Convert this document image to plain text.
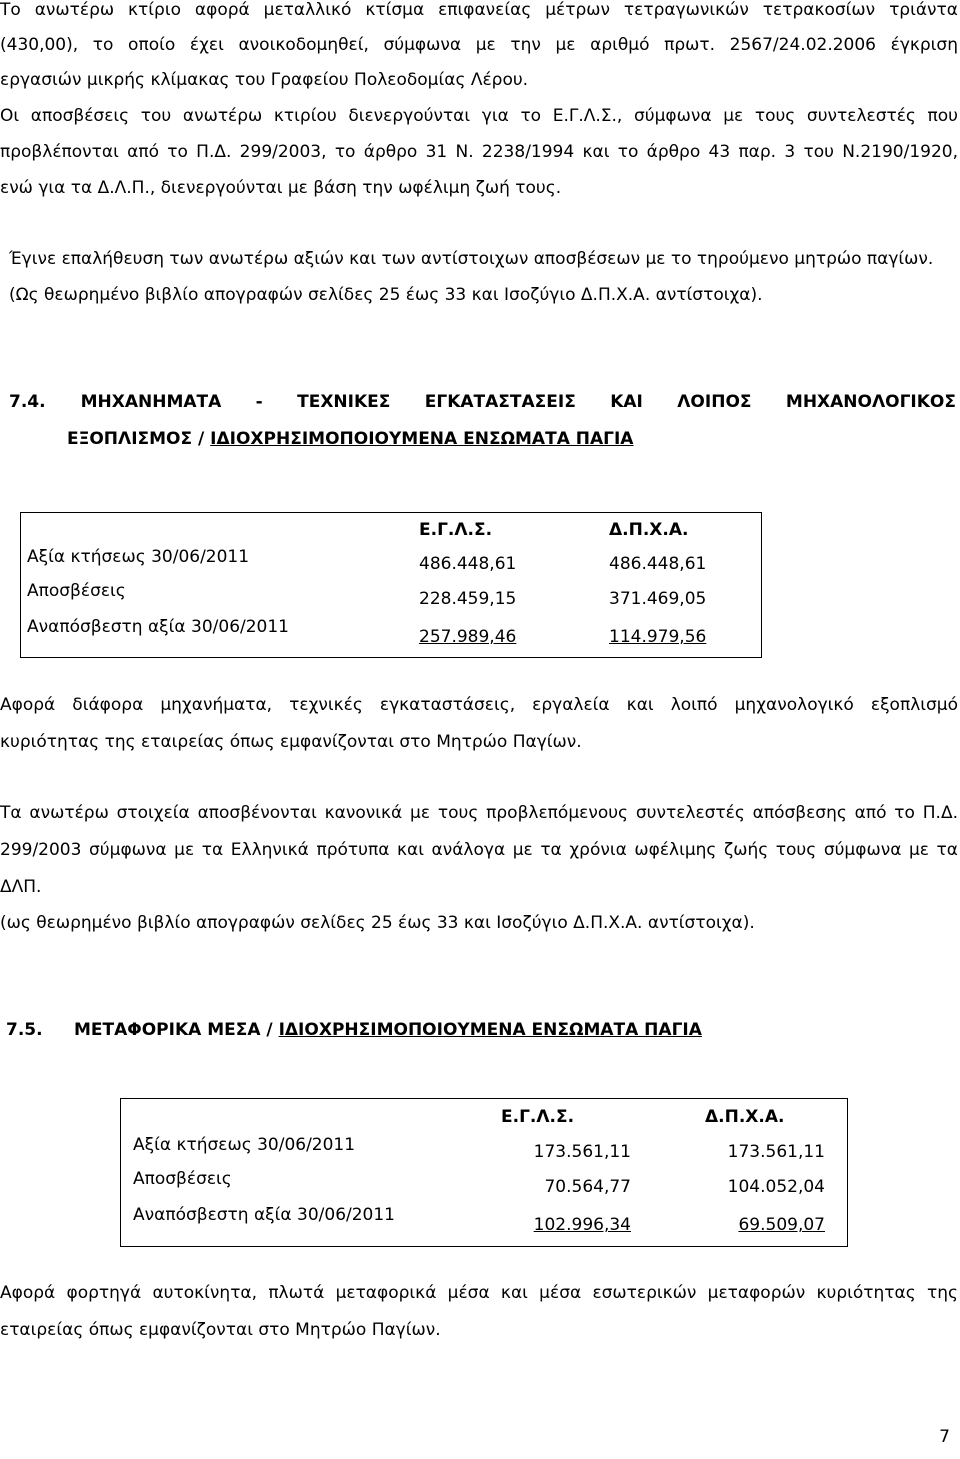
Το ανωτέρω κτίριο αφορά μεταλλικό κτίσμα επιφανείας μέτρων τετραγωνικών τετρακοσίων τριάντα
(430,00), το οποίο έχει ανοικοδομηθεί, σύμφωνα με την με αριθμό πρωτ. 2567/24.02.2006 έγκριση
εργασιών μικρής κλίμακας του Γραφείου Πολεοδομίας Λέρου.
Οι αποσβέσεις του ανωτέρω κτιρίου διενεργούνται για το Ε.Γ.Λ.Σ., σύμφωνα με τους συντελεστές που
προβλέπονται από το Π.Δ. 299/2003, το άρθρο 31 Ν. 2238/1994 και το άρθρο 43 παρ. 3 του Ν.2190/1920,
ενώ για τα Δ.Λ.Π., διενεργούνται με βάση την ωφέλιμη ζωή τους.
Έγινε επαλήθευση των ανωτέρω αξιών και των αντίστοιχων αποσβέσεων με το τηρούμενο μητρώο παγίων.
(Ως θεωρημένο βιβλίο απογραφών σελίδες 25 έως 33 και Ισοζύγιο Δ.Π.Χ.Α. αντίστοιχα).
7.4. ΜΗΧΑΝΗΜΑΤΑ - ΤΕΧΝΙΚΕΣ ΕΓΚΑΤΑΣΤΑΣΕΙΣ ΚΑΙ ΛΟΙΠΟΣ ΜΗΧΑΝΟΛΟΓΙΚΟΣ
ΕΞΟΠΛΙΣΜΟΣ / ΙΔΙΟΧΡΗΣΙΜΟΠΟΙΟΥΜΕΝΑ ΕΝΣΩΜΑΤΑ ΠΑΓΙΑ
	Ε.Γ.Λ.Σ.	Δ.Π.Χ.Α.
Αξία κτήσεως 30/06/2011	486.448,61	486.448,61
Αποσβέσεις	228.459,15	371.469,05
Αναπόσβεστη αξία 30/06/2011	257.989,46	114.979,56
Αφορά διάφορα μηχανήματα, τεχνικές εγκαταστάσεις, εργαλεία και λοιπό μηχανολογικό εξοπλισμό
κυριότητας της εταιρείας όπως εμφανίζονται στο Μητρώο Παγίων.
Τα ανωτέρω στοιχεία αποσβένονται κανονικά με τους προβλεπόμενους συντελεστές απόσβεσης από το Π.Δ.
299/2003 σύμφωνα με τα Ελληνικά πρότυπα και ανάλογα με τα χρόνια ωφέλιμης ζωής τους σύμφωνα με τα
ΔΛΠ.
(ως θεωρημένο βιβλίο απογραφών σελίδες 25 έως 33 και Ισοζύγιο Δ.Π.Χ.Α. αντίστοιχα).
7.5. ΜΕΤΑΦΟΡΙΚΑ ΜΕΣΑ / ΙΔΙΟΧΡΗΣΙΜΟΠΟΙΟΥΜΕΝΑ ΕΝΣΩΜΑΤΑ ΠΑΓΙΑ
	Ε.Γ.Λ.Σ.	Δ.Π.Χ.Α.
Αξία κτήσεως 30/06/2011	173.561,11	173.561,11
Αποσβέσεις	70.564,77	104.052,04
Αναπόσβεστη αξία 30/06/2011	102.996,34	69.509,07
Αφορά φορτηγά αυτοκίνητα, πλωτά μεταφορικά μέσα και μέσα εσωτερικών μεταφορών κυριότητας της
εταιρείας όπως εμφανίζονται στο Μητρώο Παγίων.
7
